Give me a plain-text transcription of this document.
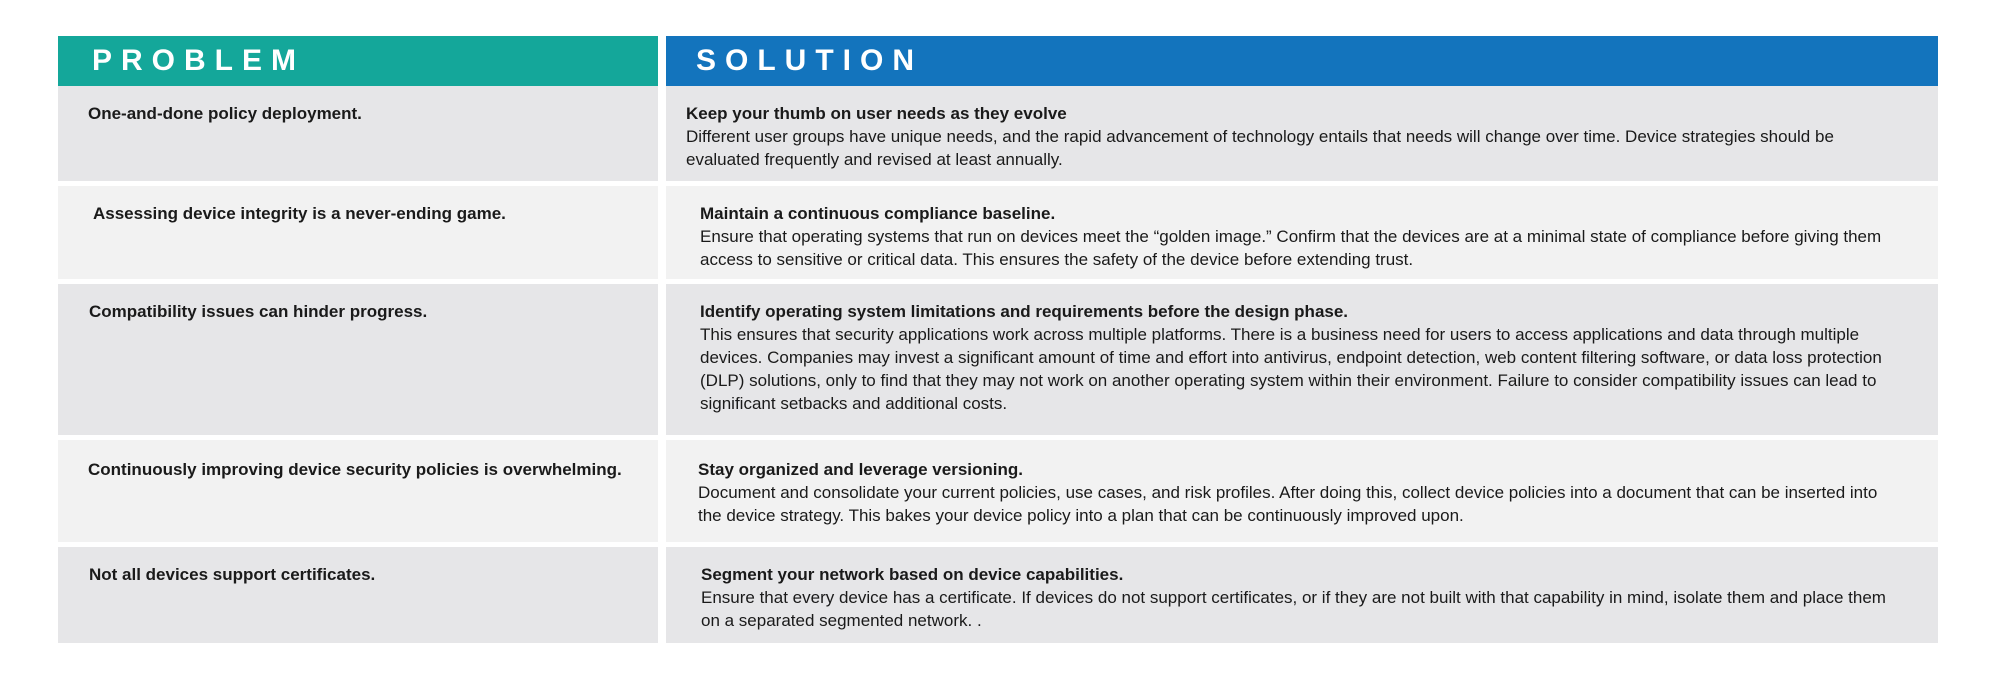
PROBLEM	SOLUTION
One-and-done policy deployment.	Keep your thumb on user needs as they evolve
Different user groups have unique needs, and the rapid advancement of technology entails that needs will change over time. Device strategies should be evaluated frequently and revised at least annually.
Assessing device integrity is a never-ending game.	Maintain a continuous compliance baseline.
Ensure that operating systems that run on devices meet the “golden image.” Confirm that the devices are at a minimal state of compliance before giving them access to sensitive or critical data. This ensures the safety of the device before extending trust.
Compatibility issues can hinder progress.	Identify operating system limitations and requirements before the design phase.
This ensures that security applications work across multiple platforms. There is a business need for users to access applications and data through multiple devices. Companies may invest a significant amount of time and effort into antivirus, endpoint detection, web content filtering software, or data loss protection (DLP) solutions, only to find that they may not work on another operating system within their environment. Failure to consider compatibility issues can lead to significant setbacks and additional costs.
Continuously improving device security policies is overwhelming.	Stay organized and leverage versioning.
Document and consolidate your current policies, use cases, and risk profiles. After doing this, collect device policies into a document that can be inserted into the device strategy. This bakes your device policy into a plan that can be continuously improved upon.
Not all devices support certificates.	Segment your network based on device capabilities.
Ensure that every device has a certificate. If devices do not support certificates, or if they are not built with that capability in mind, isolate them and place them on a separated segmented network. .
